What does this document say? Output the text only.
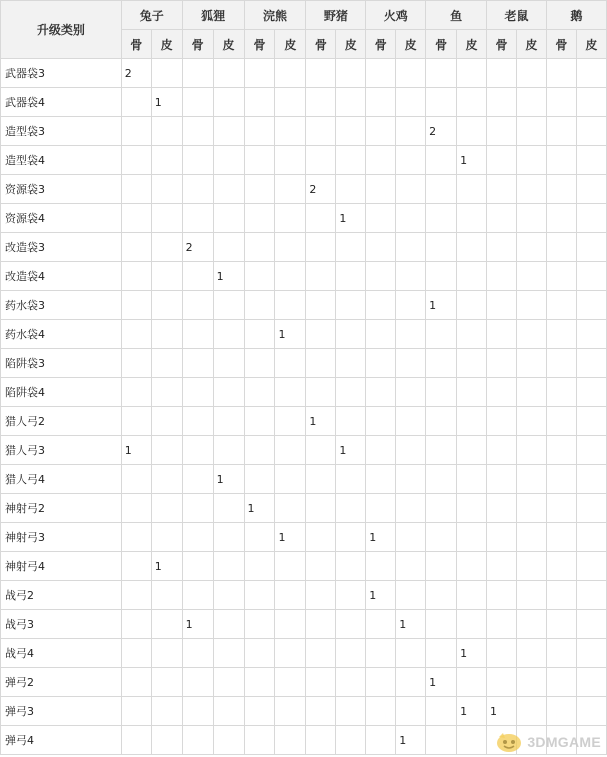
升级类别	兔子		狐狸		浣熊		野猪		火鸡		鱼		老鼠		鹅	
	骨	皮	骨	皮	骨	皮	骨	皮	骨	皮	骨	皮	骨	皮	骨	皮
武器袋3	2															
武器袋4		1														
造型袋3											2					
造型袋4												1				
资源袋3							2									
资源袋4								1								
改造袋3			2													
改造袋4				1												
药水袋3											1					
药水袋4						1										
陷阱袋3																
陷阱袋4																
猎人弓2							1									
猎人弓3	1							1								
猎人弓4				1												
神射弓2					1											
神射弓3						1			1							
神射弓4		1														
战弓2									1							
战弓3			1							1						
战弓4												1				
弹弓2											1					
弹弓3												1	1			
弹弓4										1							3DMGAME
